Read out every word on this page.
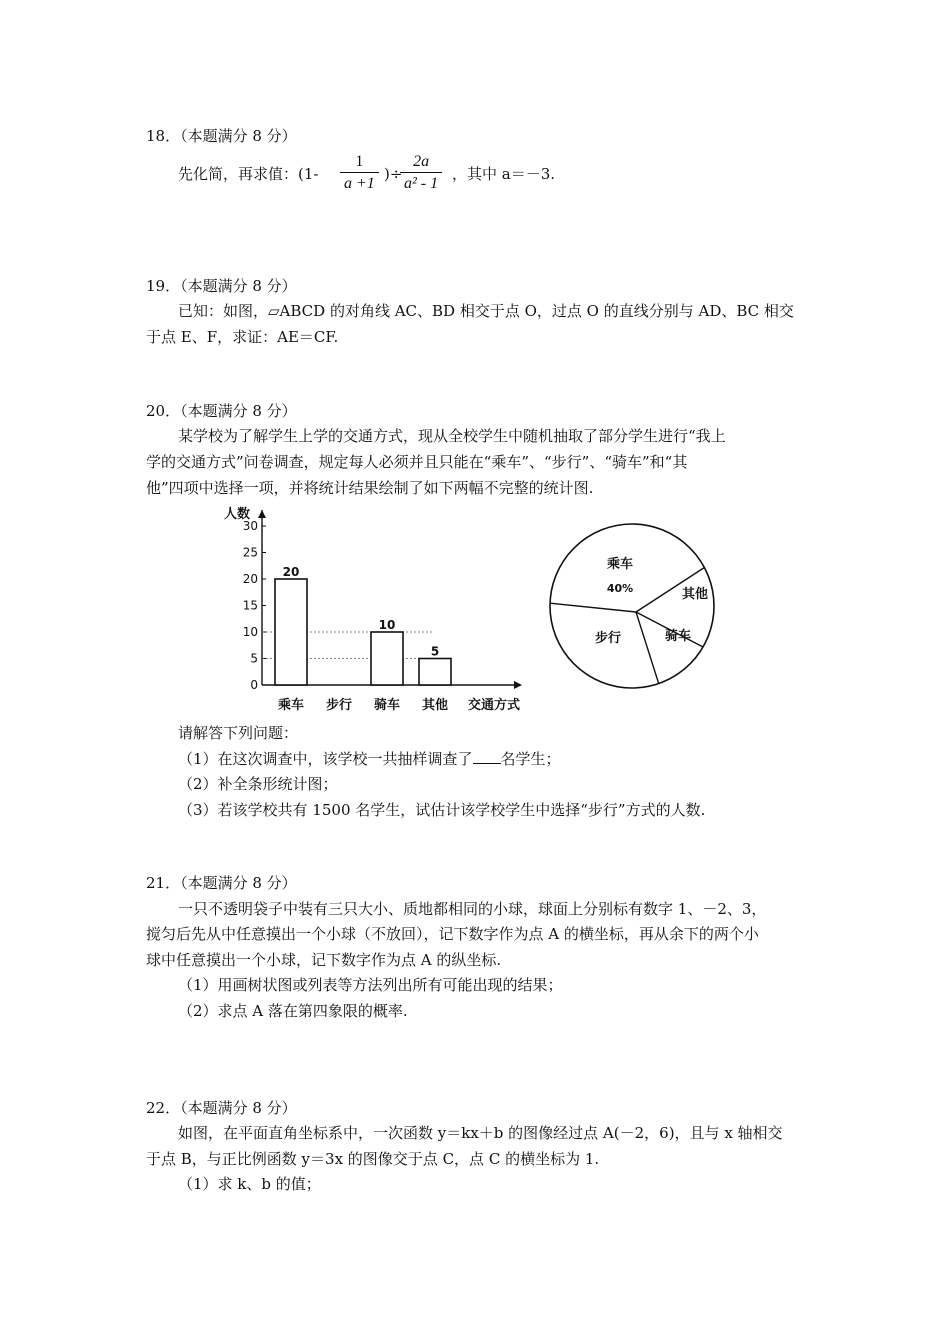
18．（本题满分 8 分）
先化简，再求值：($1- \frac{1}{a +1}$ )÷
$\frac{2a}{\text{a² - 1}}$ ，其中 a＝－3.
19．（本题满分 8 分）
已知：如图，▱ABCD 的对角线 AC、BD 相交于点 O，过点 O 的直线分别与 AD、BC 相交
于点 E、F，求证：AE＝CF.
20．（本题满分 8 分）
某学校为了解学生上学的交通方式，现从全校学生中随机抽取了部分学生进行“我上
学的交通方式”问卷调查，规定每人必须并且只能在“乘车”、“步行”、“骑车”和“其
他”四项中选择一项，并将统计结果绘制了如下两幅不完整的统计图.
0
5
10
15
20
25
30
人数
交通方式
20
乘车 步行
10
骑车
5
其他
乘车
其他
骑车
步行
40%
请解答下列问题：
（1）在这次调查中，该学校一共抽样调查了 名学生；
（2）补全条形统计图；
（3）若该学校共有 1500 名学生，试估计该学校学生中选择“步行”方式的人数.
21．（本题满分 8 分）
一只不透明袋子中装有三只大小、质地都相同的小球，球面上分别标有数字 1、－2、3，
搅匀后先从中任意摸出一个小球（不放回），记下数字作为点 A 的横坐标，再从余下的两个小
球中任意摸出一个小球，记下数字作为点 A 的纵坐标.
（1）用画树状图或列表等方法列出所有可能出现的结果；
（2）求点 A 落在第四象限的概率.
22．（本题满分 8 分）
如图，在平面直角坐标系中，一次函数 y＝kx＋b 的图像经过点 A(－2，6)，且与 x 轴相交
于点 B，与正比例函数 y＝3x 的图像交于点 C，点 C 的横坐标为 1.
（1）求 k、b 的值；
